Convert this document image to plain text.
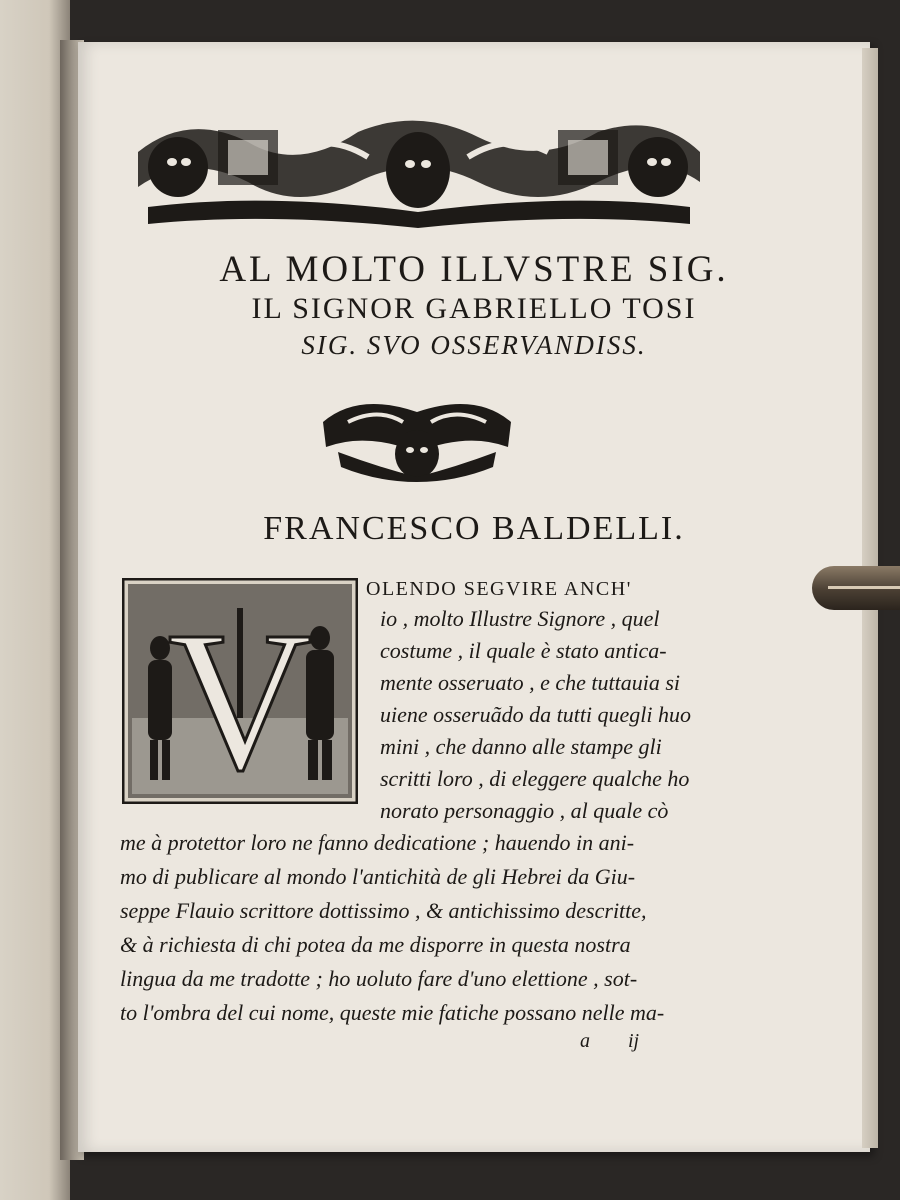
AL MOLTO ILLVSTRE SIG.
IL SIGNOR GABRIELLO TOSI
SIG. SVO OSSERVANDISS.
FRANCESCO BALDELLI.
V
OLENDO SEGVIRE ANCH'
io , molto Illustre Signore , quel
costume , il quale è stato antica-
mente osseruato , e che tuttauia si
uiene osseruãdo da tutti quegli huo
mini , che danno alle stampe gli
scritti loro , di eleggere qualche ho
norato personaggio , al quale cò
me à protettor loro ne fanno dedicatione ; hauendo in ani-
mo di publicare al mondo l'antichità de gli Hebrei da Giu-
seppe Flauio scrittore dottissimo , & antichissimo descritte,
& à richiesta di chi potea da me disporre in questa nostra
lingua da me tradotte ; ho uoluto fare d'uno elettione , sot-
to l'ombra del cui nome, queste mie fatiche possano nelle ma-
a ij
